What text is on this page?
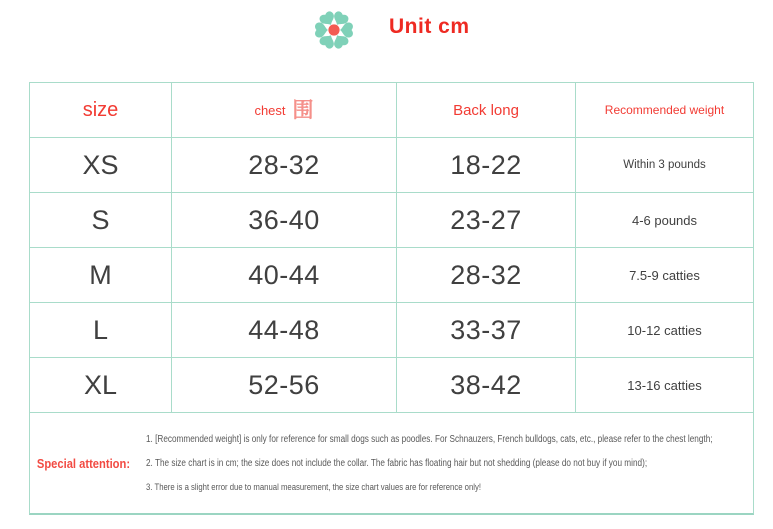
Unit cm
size	chest 围	Back long	Recommended weight
XS	28-32	18-22	Within 3 pounds
S	36-40	23-27	4-6 pounds
M	40-44	28-32	7.5-9 catties
L	44-48	33-37	10-12 catties
XL	52-56	38-42	13-16 catties
Special attention:
1. [Recommended weight] is only for reference for small dogs such as poodles. For Schnauzers, French bulldogs, cats, etc., please refer to the chest length;
2. The size chart is in cm; the size does not include the collar. The fabric has floating hair but not shedding (please do not buy if you mind);
3. There is a slight error due to manual measurement, the size chart values are for reference only!
